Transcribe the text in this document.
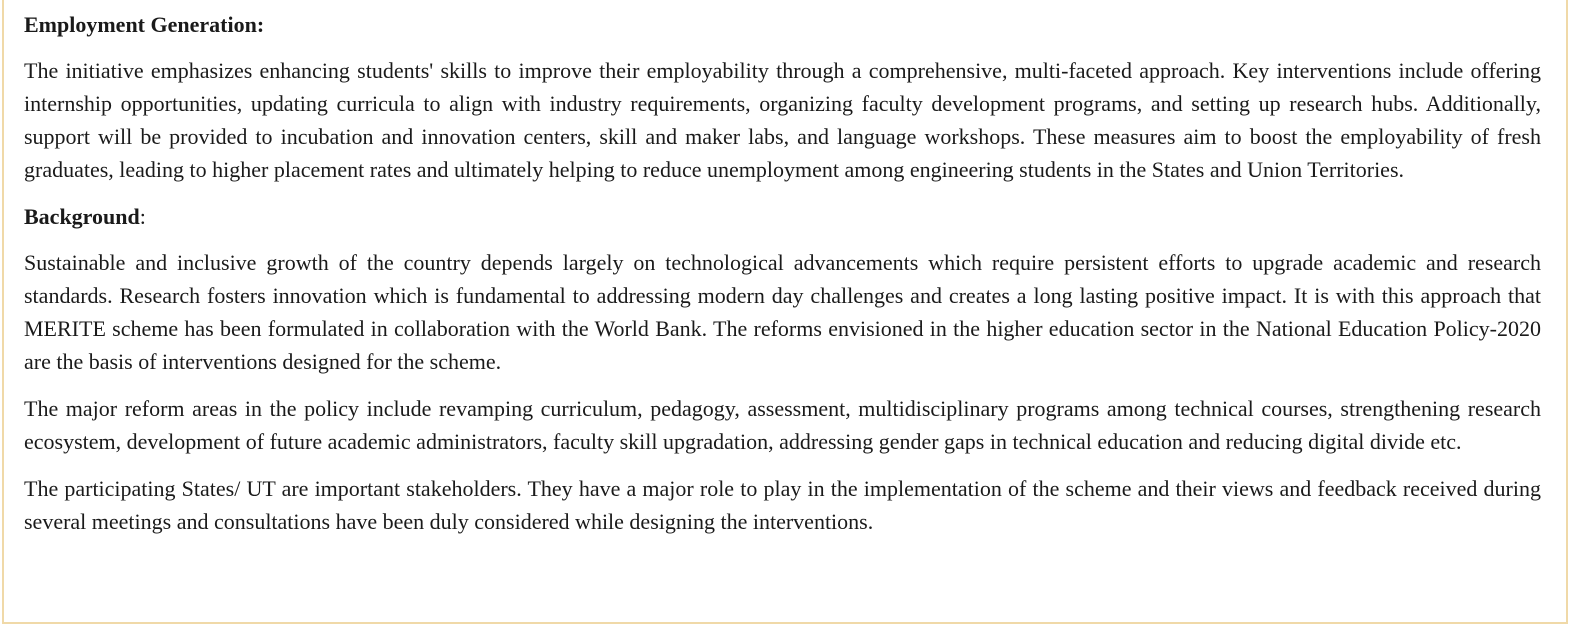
Employment Generation:

The initiative emphasizes enhancing students' skills to improve their employability through a comprehensive, multi-faceted approach. Key interventions include offering internship opportunities, updating curricula to align with industry requirements, organizing faculty development programs, and setting up research hubs. Additionally, support will be provided to incubation and innovation centers, skill and maker labs, and language workshops. These measures aim to boost the employability of fresh graduates, leading to higher placement rates and ultimately helping to reduce unemployment among engineering students in the States and Union Territories.

Background:

Sustainable and inclusive growth of the country depends largely on technological advancements which require persistent efforts to upgrade academic and research standards. Research fosters innovation which is fundamental to addressing modern day challenges and creates a long lasting positive impact. It is with this approach that MERITE scheme has been formulated in collaboration with the World Bank. The reforms envisioned in the higher education sector in the National Education Policy-2020 are the basis of interventions designed for the scheme.

The major reform areas in the policy include revamping curriculum, pedagogy, assessment, multidisciplinary programs among technical courses, strengthening research ecosystem, development of future academic administrators, faculty skill upgradation, addressing gender gaps in technical education and reducing digital divide etc.

The participating States/ UT are important stakeholders. They have a major role to play in the implementation of the scheme and their views and feedback received during several meetings and consultations have been duly considered while designing the interventions.
